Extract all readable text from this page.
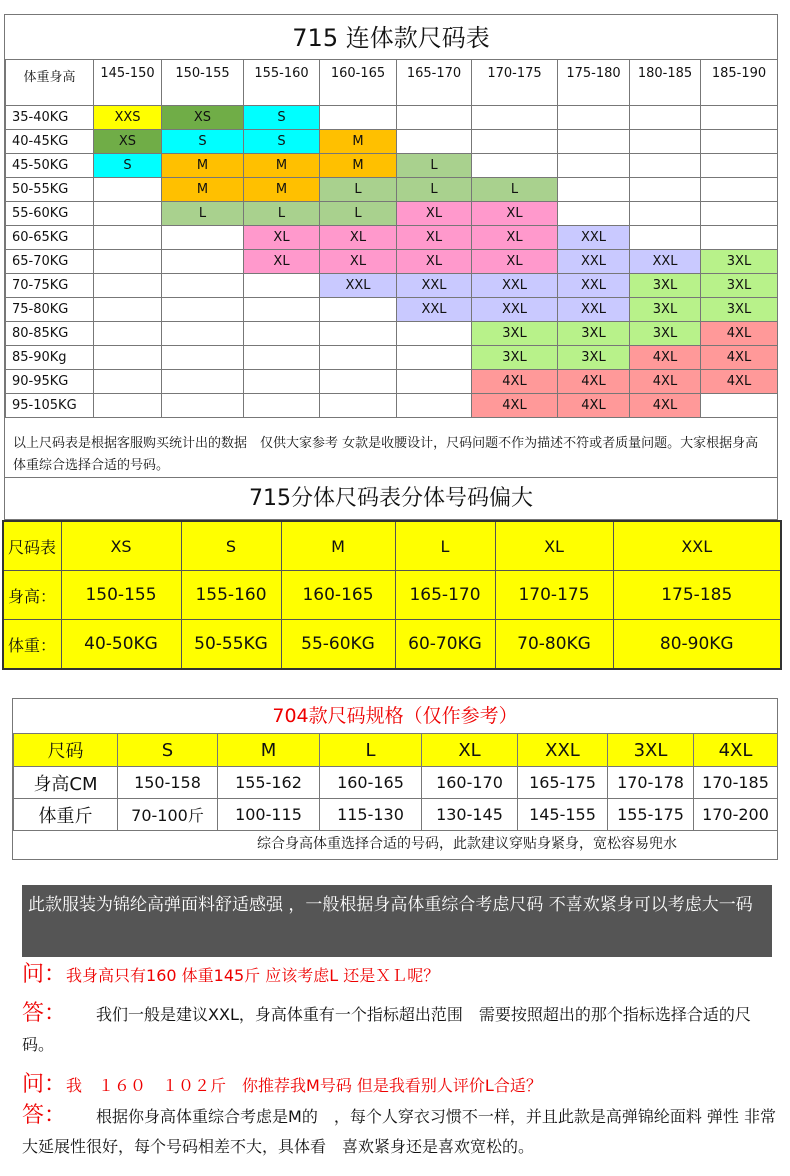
715 连体款尺码表
体重身高	145-150	150-155	155-160	160-165	165-170	170-175	175-180	180-185	185-190
35-40KG	XXS	XS	S						
40-45KG	XS	S	S	M					
45-50KG	S	M	M	M	L				
50-55KG		M	M	L	L	L			
55-60KG		L	L	L	XL	XL			
60-65KG			XL	XL	XL	XL	XXL		
65-70KG			XL	XL	XL	XL	XXL	XXL	3XL
70-75KG				XXL	XXL	XXL	XXL	3XL	3XL
75-80KG					XXL	XXL	XXL	3XL	3XL
80-85KG						3XL	3XL	3XL	4XL
85-90Kg						3XL	3XL	4XL	4XL
90-95KG						4XL	4XL	4XL	4XL
95-105KG						4XL	4XL	4XL	
以上尺码表是根据客服购买统计出的数据　仅供大家参考 女款是收腰设计，尺码问题不作为描述不符或者质量问题。大家根据身高体重综合选择合适的号码。
715分体尺码表分体号码偏大
尺码表	XS	S	M	L	XL	XXL
身高：	150-155	155-160	160-165	165-170	170-175	175-185
体重：	40-50KG	50-55KG	55-60KG	60-70KG	70-80KG	80-90KG
704款尺码规格（仅作参考）
尺码	S	M	L	XL	XXL	3XL	4XL
身高CM	150-158	155-162	160-165	160-170	165-175	170-178	170-185
体重斤	70-100斤	100-115	115-130	130-145	145-155	155-175	170-200
综合身高体重选择合适的号码，此款建议穿贴身紧身，宽松容易兜水
此款服装为锦纶高弹面料舒适感强 ，一般根据身高体重综合考虑尺码 不喜欢紧身可以考虑大一码
问：我身高只有160 体重145斤 应该考虑L 还是ＸＬ呢？
答： 我们一般是建议XXL，身高体重有一个指标超出范围　需要按照超出的那个指标选择合适的尺码。
问：我　１６０　１０２斤　你推荐我M号码 但是我看别人评价L合适？
答： 根据你身高体重综合考虑是M的　，每个人穿衣习惯不一样，并且此款是高弹锦纶面料 弹性 非常大延展性很好，每个号码相差不大，具体看　喜欢紧身还是喜欢宽松的。
